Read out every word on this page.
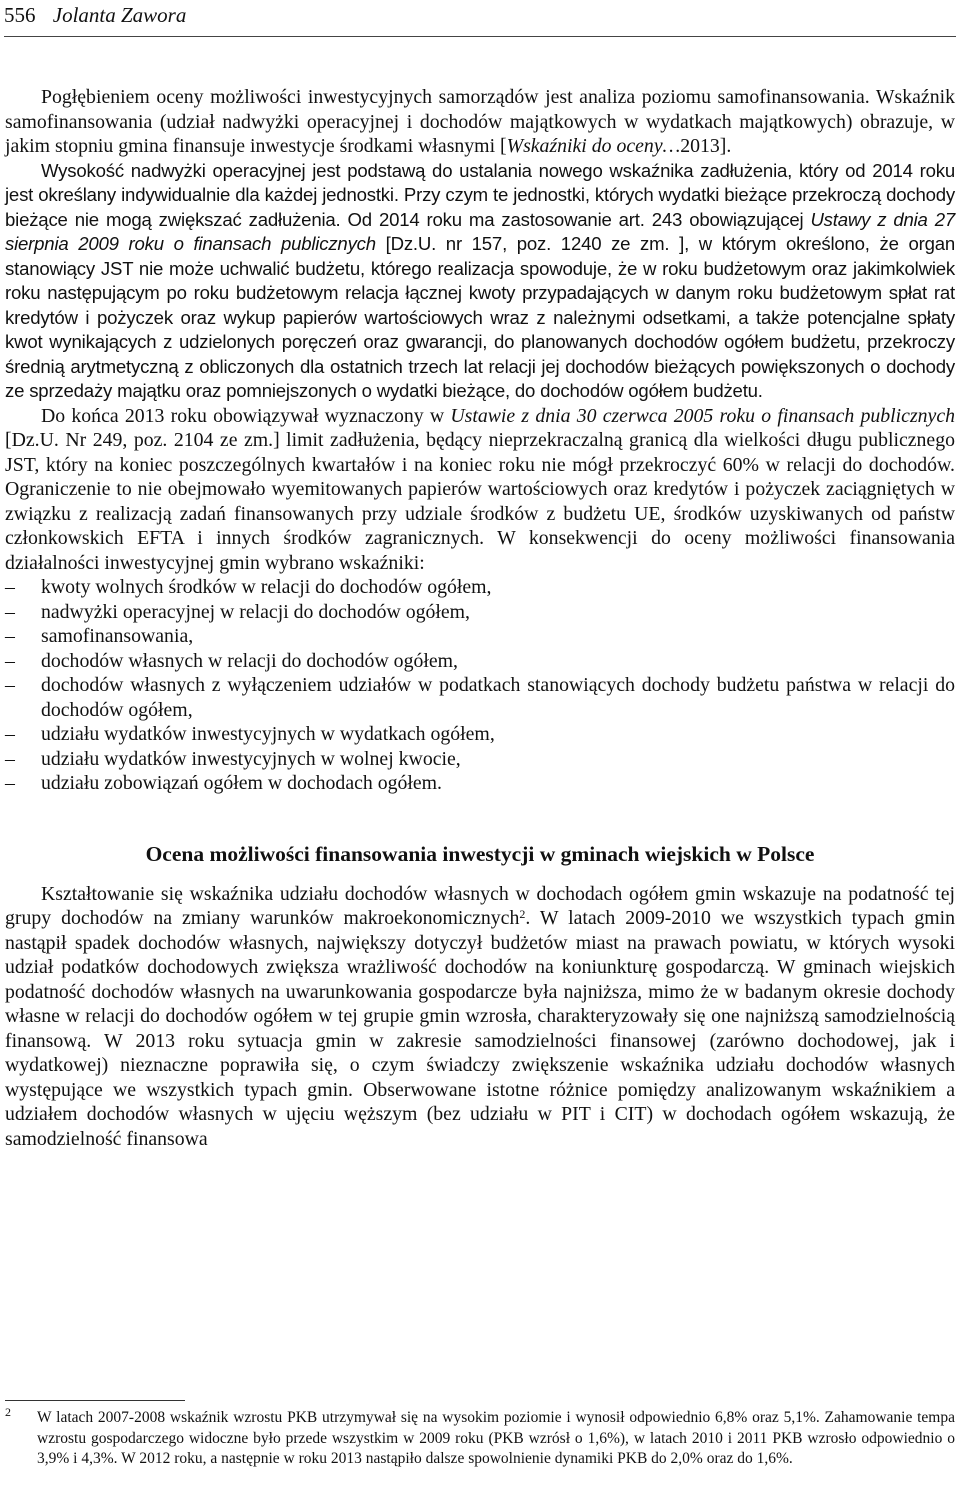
556 Jolanta Zawora

Pogłębieniem oceny możliwości inwestycyjnych samorządów jest analiza poziomu samofinansowania. Wskaźnik samofinansowania (udział nadwyżki operacyjnej i dochodów majątkowych w wydatkach majątkowych) obrazuje, w jakim stopniu gmina finansuje inwestycje środkami własnymi [Wskaźniki do oceny…2013].

Wysokość nadwyżki operacyjnej jest podstawą do ustalania nowego wskaźnika zadłużenia, który od 2014 roku jest określany indywidualnie dla każdej jednostki. Przy czym te jednostki, których wydatki bieżące przekroczą dochody bieżące nie mogą zwiększać zadłużenia. Od 2014 roku ma zastosowanie art. 243 obowiązującej Ustawy z dnia 27 sierpnia 2009 roku o finansach publicznych [Dz.U. nr 157, poz. 1240 ze zm. ], w którym określono, że organ stanowiący JST nie może uchwalić budżetu, którego realizacja spowoduje, że w roku budżetowym oraz jakimkolwiek roku następującym po roku budżetowym relacja łącznej kwoty przypadających w danym roku budżetowym spłat rat kredytów i pożyczek oraz wykup papierów wartościowych wraz z należnymi odsetkami, a także potencjalne spłaty kwot wynikających z udzielonych poręczeń oraz gwarancji, do planowanych dochodów ogółem budżetu, przekroczy średnią arytmetyczną z obliczonych dla ostatnich trzech lat relacji jej dochodów bieżących powiększonych o dochody ze sprzedaży majątku oraz pomniejszonych o wydatki bieżące, do dochodów ogółem budżetu.

Do końca 2013 roku obowiązywał wyznaczony w Ustawie z dnia 30 czerwca 2005 roku o finansach publicznych [Dz.U. Nr 249, poz. 2104 ze zm.] limit zadłużenia, będący nieprzekraczalną granicą dla wielkości długu publicznego JST, który na koniec poszczególnych kwartałów i na koniec roku nie mógł przekroczyć 60% w relacji do dochodów. Ograniczenie to nie obejmowało wyemitowanych papierów wartościowych oraz kredytów i pożyczek zaciągniętych w związku z realizacją zadań finansowanych przy udziale środków z budżetu UE, środków uzyskiwanych od państw członkowskich EFTA i innych środków zagranicznych. W konsekwencji do oceny możliwości finansowania działalności inwestycyjnej gmin wybrano wskaźniki:

– kwoty wolnych środków w relacji do dochodów ogółem,
– nadwyżki operacyjnej w relacji do dochodów ogółem,
– samofinansowania,
– dochodów własnych w relacji do dochodów ogółem,
– dochodów własnych z wyłączeniem udziałów w podatkach stanowiących dochody budżetu państwa w relacji do dochodów ogółem,
– udziału wydatków inwestycyjnych w wydatkach ogółem,
– udziału wydatków inwestycyjnych w wolnej kwocie,
– udziału zobowiązań ogółem w dochodach ogółem.
Ocena możliwości finansowania inwestycji w gminach wiejskich w Polsce

Kształtowanie się wskaźnika udziału dochodów własnych w dochodach ogółem gmin wskazuje na podatność tej grupy dochodów na zmiany warunków makroekonomicznych$^2$. W latach 2009-2010 we wszystkich typach gmin nastąpił spadek dochodów własnych, największy dotyczył budżetów miast na prawach powiatu, w których wysoki udział podatków dochodowych zwiększa wrażliwość dochodów na koniunkturę gospodarczą. W gminach wiejskich podatność dochodów własnych na uwarunkowania gospodarcze była najniższa, mimo że w badanym okresie dochody własne w relacji do dochodów ogółem w tej grupie gmin wzrosła, charakteryzowały się one najniższą samodzielnością finansową. W 2013 roku sytuacja gmin w zakresie samodzielności finansowej (zarówno dochodowej, jak i wydatkowej) nieznaczne poprawiła się, o czym świadczy zwiększenie wskaźnika udziału dochodów własnych występujące we wszystkich typach gmin. Obserwowane istotne różnice pomiędzy analizowanym wskaźnikiem a udziałem dochodów własnych w ujęciu węższym (bez udziału w PIT i CIT) w dochodach ogółem wskazują, że samodzielność finansowa

2	W latach 2007-2008 wskaźnik wzrostu PKB utrzymywał się na wysokim poziomie i wynosił odpowiednio 6,8% oraz 5,1%. Zahamowanie tempa wzrostu gospodarczego widoczne było przede wszystkim w 2009 roku (PKB wzrósł o 1,6%), w latach 2010 i 2011 PKB wzrosło odpowiednio o 3,9% i 4,3%. W 2012 roku, a następnie w roku 2013 nastąpiło dalsze spowolnienie dynamiki PKB do 2,0% oraz do 1,6%.
